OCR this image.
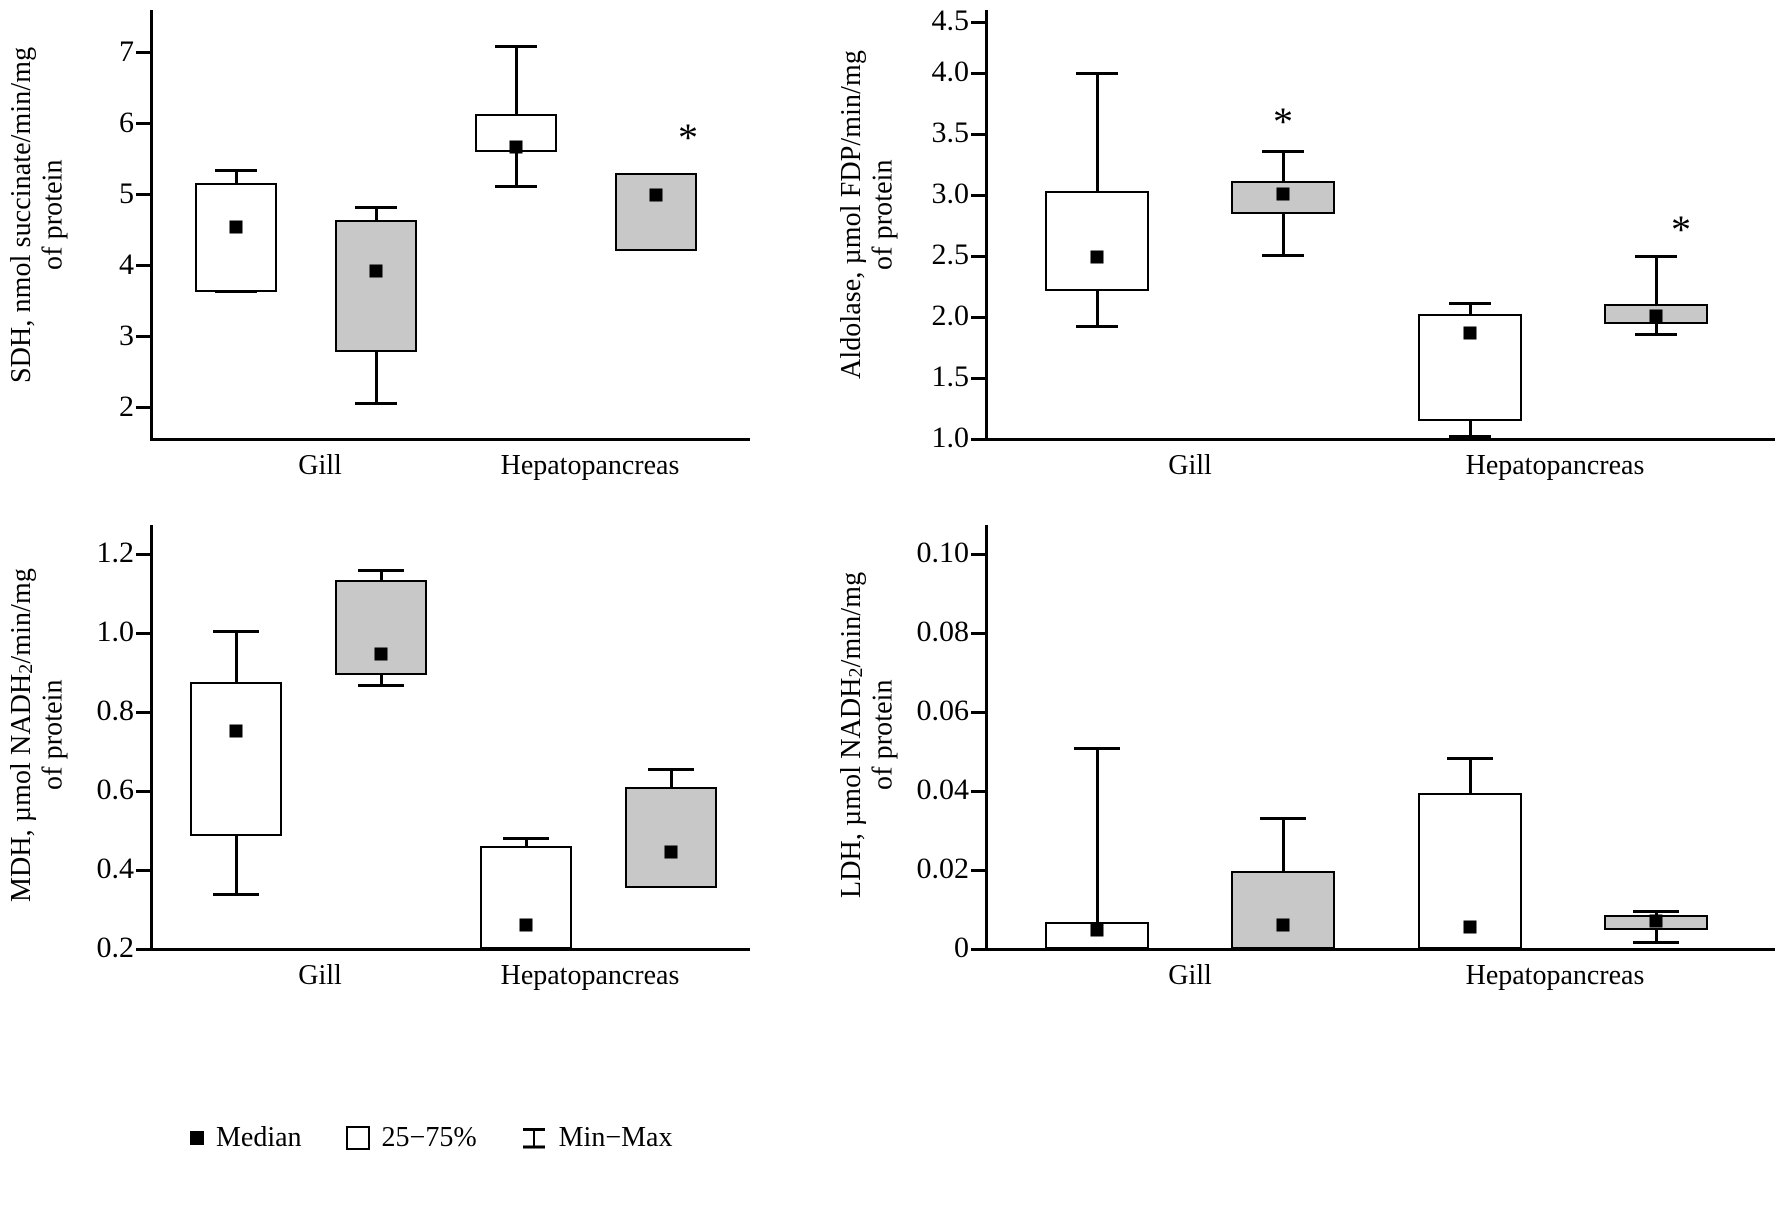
SDH, nmol succinate/min/mg
of protein
2
3
4
5
6
7
*
Gill	Hepatopancreas
Aldolase, µmol FDP/min/mg
of protein
1.0
1.5
2.0
2.5
3.0
3.5
4.0
4.5
*
*
Gill	Hepatopancreas
MDH, µmol $NADH_2/\min/mg$
of protein
0.2
0.4
0.6
0.8
1.0
1.2
Gill	Hepatopancreas
LDH, µmol $NADH_2/\min/mg$
of protein
0
0.02
0.04
0.06
0.08
0.10
Gill	Hepatopancreas
Median	25−75%	Min−Max
